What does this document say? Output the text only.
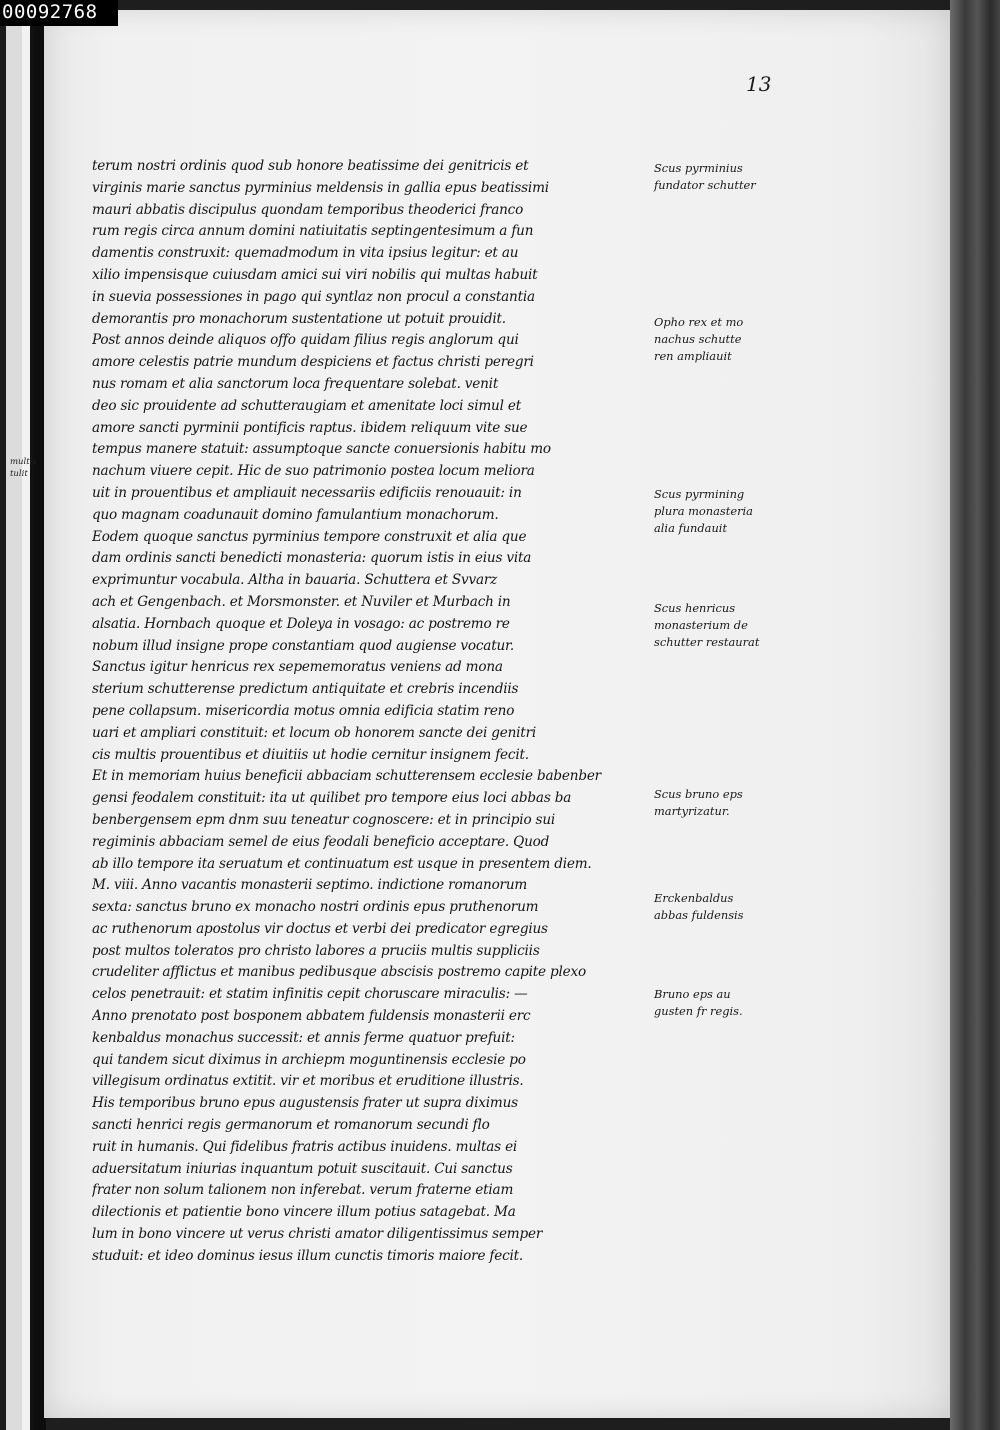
multis
tulit
00092768
13
terum nostri ordinis quod sub honore beatissime dei genitricis et
virginis marie sanctus pyrminius meldensis in gallia epus beatissimi
mauri abbatis discipulus quondam temporibus theoderici franco
rum regis circa annum domini natiuitatis septingentesimum a fun
damentis construxit: quemadmodum in vita ipsius legitur: et au
xilio impensisque cuiusdam amici sui viri nobilis qui multas habuit
in suevia possessiones in pago qui syntlaz non procul a constantia
demorantis pro monachorum sustentatione ut potuit prouidit.
Post annos deinde aliquos offo quidam filius regis anglorum qui
amore celestis patrie mundum despiciens et factus christi peregri
nus romam et alia sanctorum loca frequentare solebat. venit
deo sic prouidente ad schutteraugiam et amenitate loci simul et
amore sancti pyrminii pontificis raptus. ibidem reliquum vite sue
tempus manere statuit: assumptoque sancte conuersionis habitu mo
nachum viuere cepit. Hic de suo patrimonio postea locum meliora
uit in prouentibus et ampliauit necessariis edificiis renouauit: in
quo magnam coadunauit domino famulantium monachorum.
Eodem quoque sanctus pyrminius tempore construxit et alia que
dam ordinis sancti benedicti monasteria: quorum istis in eius vita
exprimuntur vocabula. Altha in bauaria. Schuttera et Svvarz
ach et Gengenbach. et Morsmonster. et Nuviler et Murbach in
alsatia. Hornbach quoque et Doleya in vosago: ac postremo re
nobum illud insigne prope constantiam quod augiense vocatur.
Sanctus igitur henricus rex sepememoratus veniens ad mona
sterium schutterense predictum antiquitate et crebris incendiis
pene collapsum. misericordia motus omnia edificia statim reno
uari et ampliari constituit: et locum ob honorem sancte dei genitri
cis multis prouentibus et diuitiis ut hodie cernitur insignem fecit.
Et in memoriam huius beneficii abbaciam schutterensem ecclesie babenber
gensi feodalem constituit: ita ut quilibet pro tempore eius loci abbas ba
benbergensem epm dnm suu teneatur cognoscere: et in principio sui
regiminis abbaciam semel de eius feodali beneficio acceptare. Quod
ab illo tempore ita seruatum et continuatum est usque in presentem diem.
M. viii. Anno vacantis monasterii septimo. indictione romanorum
sexta: sanctus bruno ex monacho nostri ordinis epus pruthenorum
ac ruthenorum apostolus vir doctus et verbi dei predicator egregius
post multos toleratos pro christo labores a pruciis multis suppliciis
crudeliter afflictus et manibus pedibusque abscisis postremo capite plexo
celos penetrauit: et statim infinitis cepit choruscare miraculis: —
Anno prenotato post bosponem abbatem fuldensis monasterii erc
kenbaldus monachus successit: et annis ferme quatuor prefuit:
qui tandem sicut diximus in archiepm moguntinensis ecclesie po
villegisum ordinatus extitit. vir et moribus et eruditione illustris.
His temporibus bruno epus augustensis frater ut supra diximus
sancti henrici regis germanorum et romanorum secundi flo
ruit in humanis. Qui fidelibus fratris actibus inuidens. multas ei
aduersitatum iniurias inquantum potuit suscitauit. Cui sanctus
frater non solum talionem non inferebat. verum fraterne etiam
dilectionis et patientie bono vincere illum potius satagebat. Ma
lum in bono vincere ut verus christi amator diligentissimus semper
studuit: et ideo dominus iesus illum cunctis timoris maiore fecit.
Scus pyrminius
fundator schutter
Opho rex et mo
nachus schutte
ren ampliauit
Scus pyrmining
plura monasteria
alia fundauit
Scus henricus
monasterium de
schutter restaurat
Scus bruno eps
martyrizatur.
Erckenbaldus
abbas fuldensis
Bruno eps au
gusten fr regis.
